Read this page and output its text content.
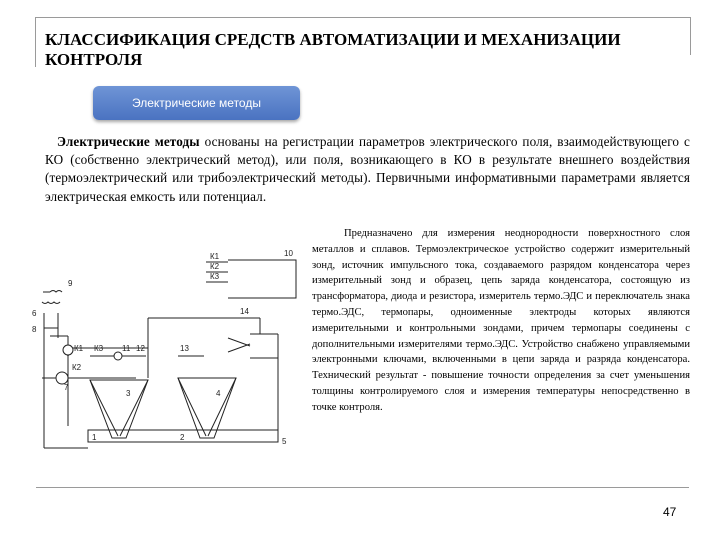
КЛАССИФИКАЦИЯ СРЕДСТВ АВТОМАТИЗАЦИИ И МЕХАНИЗАЦИИ КОНТРОЛЯ
Электрические методы
Электрические методы основаны на регистрации параметров электрического поля, взаимодействующего с КО (собственно электрический метод), или поля, возникающего в КО в результате внешнего воздействия (термоэлектрический или трибоэлектрический методы). Первичными информативными параметрами является электрическая емкость или потенциал.
К1
К2
К3
10
9
8
7
К1
К2
К3 11 12	13
14
3	4
1	2	5
6
Предназначено для измерения неоднородности поверхностного слоя металлов и сплавов. Термоэлектрическое устройство содержит измерительный зонд, источник импульсного тока, создаваемого разрядом конденсатора через измерительный зонд и образец, цепь заряда конденсатора, состоящую из трансформатора, диода и резистора, измеритель термо.ЭДС и переключатель знака термо.ЭДС, термопары, одноименные электроды которых являются измерительными и контрольными зондами, причем термопары соединены с дополнительными измерителями термо.ЭДС. Устройство снабжено управляемыми электронными ключами, включенными в цепи заряда и разряда конденсатора. Технический результат - повышение точности определения за счет уменьшения толщины контролируемого слоя и измерения температуры непосредственно в точке контроля.
47
